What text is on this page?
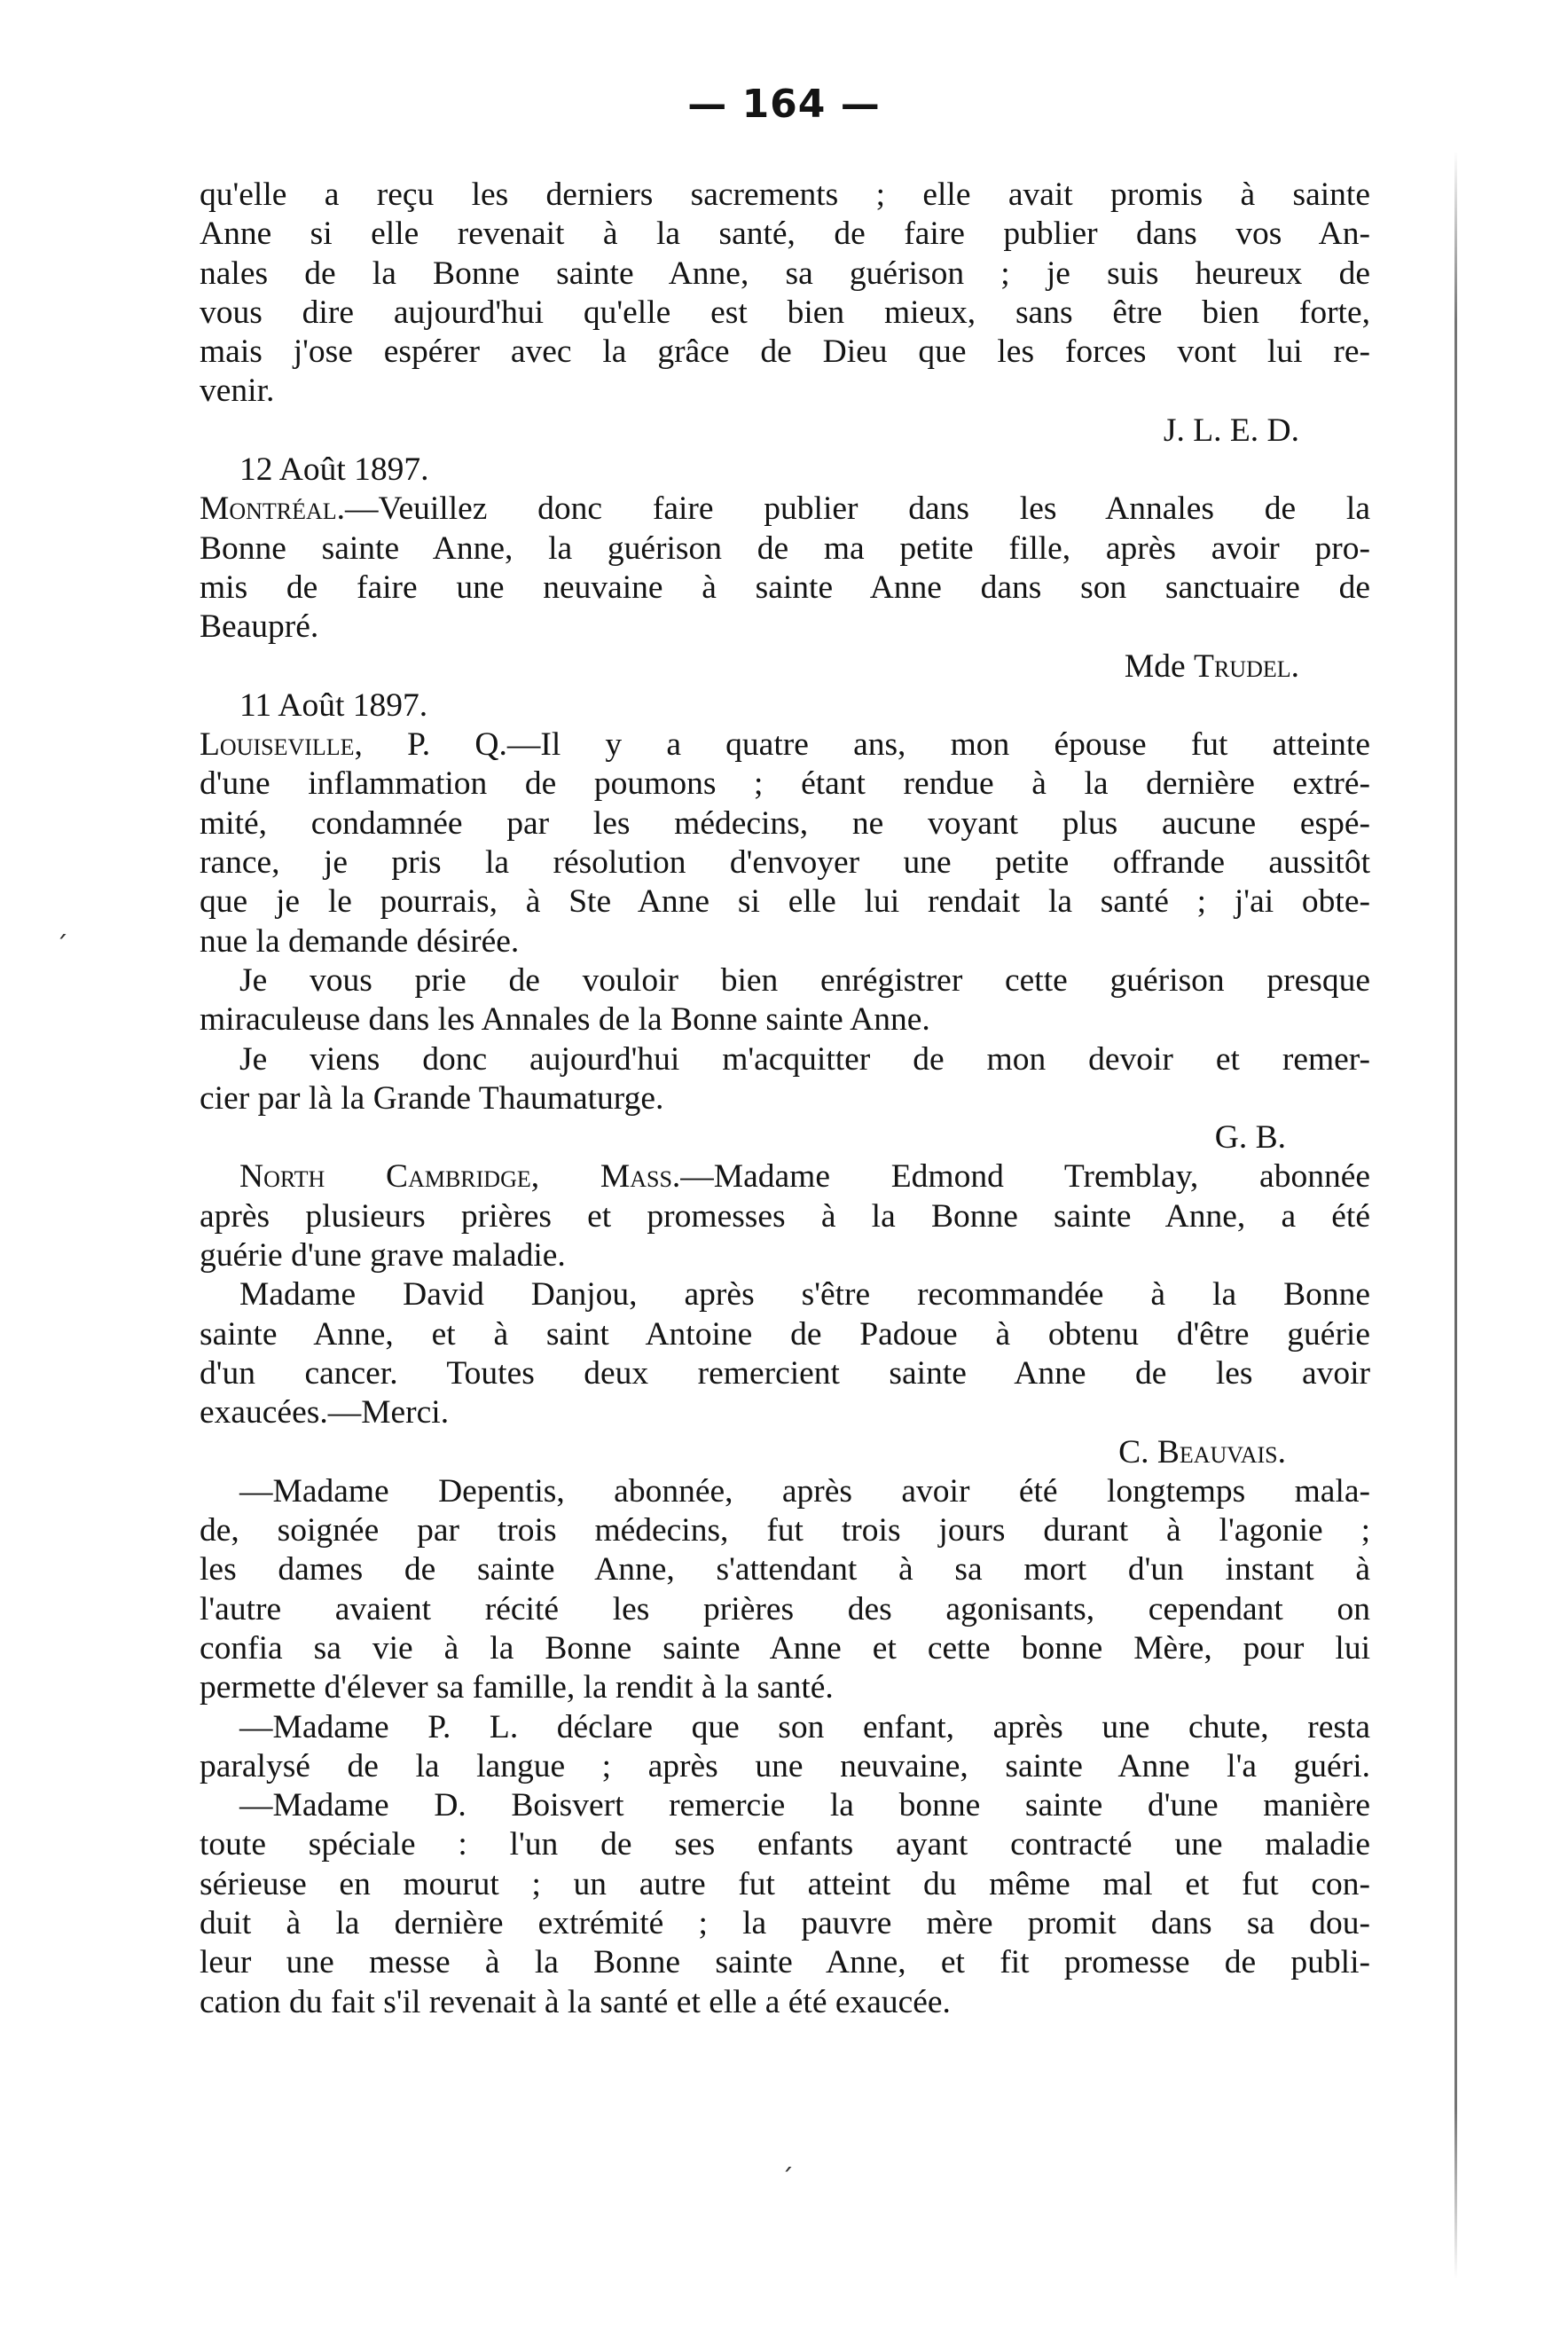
— 164 —
ˊ
ˊ
qu'elle a reçu les derniers sacrements ; elle avait promis à sainte
Anne si elle revenait à la santé, de faire publier dans vos An-
nales de la Bonne sainte Anne, sa guérison ; je suis heureux de
vous dire aujourd'hui qu'elle est bien mieux, sans être bien forte,
mais j'ose espérer avec la grâce de Dieu que les forces vont lui re-
venir.
J. L. E. D.
12 Août 1897.
Montréal.—Veuillez donc faire publier dans les Annales de la
Bonne sainte Anne, la guérison de ma petite fille, après avoir pro-
mis de faire une neuvaine à sainte Anne dans son sanctuaire de
Beaupré.
Mde Trudel.
11 Août 1897.
Louiseville, P. Q.—Il y a quatre ans, mon épouse fut atteinte
d'une inflammation de poumons ; étant rendue à la dernière extré-
mité, condamnée par les médecins, ne voyant plus aucune espé-
rance, je pris la résolution d'envoyer une petite offrande aussitôt
que je le pourrais, à Ste Anne si elle lui rendait la santé ; j'ai obte-
nue la demande désirée.
Je vous prie de vouloir bien enrégistrer cette guérison presque
miraculeuse dans les Annales de la Bonne sainte Anne.
Je viens donc aujourd'hui m'acquitter de mon devoir et remer-
cier par là la Grande Thaumaturge.
G. B.
North Cambridge, Mass.—Madame Edmond Tremblay, abonnée
après plusieurs prières et promesses à la Bonne sainte Anne, a été
guérie d'une grave maladie.
Madame David Danjou, après s'être recommandée à la Bonne
sainte Anne, et à saint Antoine de Padoue à obtenu d'être guérie
d'un cancer. Toutes deux remercient sainte Anne de les avoir
exaucées.—Merci.
C. Beauvais.
—Madame Depentis, abonnée, après avoir été longtemps mala-
de, soignée par trois médecins, fut trois jours durant à l'agonie ;
les dames de sainte Anne, s'attendant à sa mort d'un instant à
l'autre avaient récité les prières des agonisants, cependant on
confia sa vie à la Bonne sainte Anne et cette bonne Mère, pour lui
permette d'élever sa famille, la rendit à la santé.
—Madame P. L. déclare que son enfant, après une chute, resta
paralysé de la langue ; après une neuvaine, sainte Anne l'a guéri.
—Madame D. Boisvert remercie la bonne sainte d'une manière
toute spéciale : l'un de ses enfants ayant contracté une maladie
sérieuse en mourut ; un autre fut atteint du même mal et fut con-
duit à la dernière extrémité ; la pauvre mère promit dans sa dou-
leur une messe à la Bonne sainte Anne, et fit promesse de publi-
cation du fait s'il revenait à la santé et elle a été exaucée.
